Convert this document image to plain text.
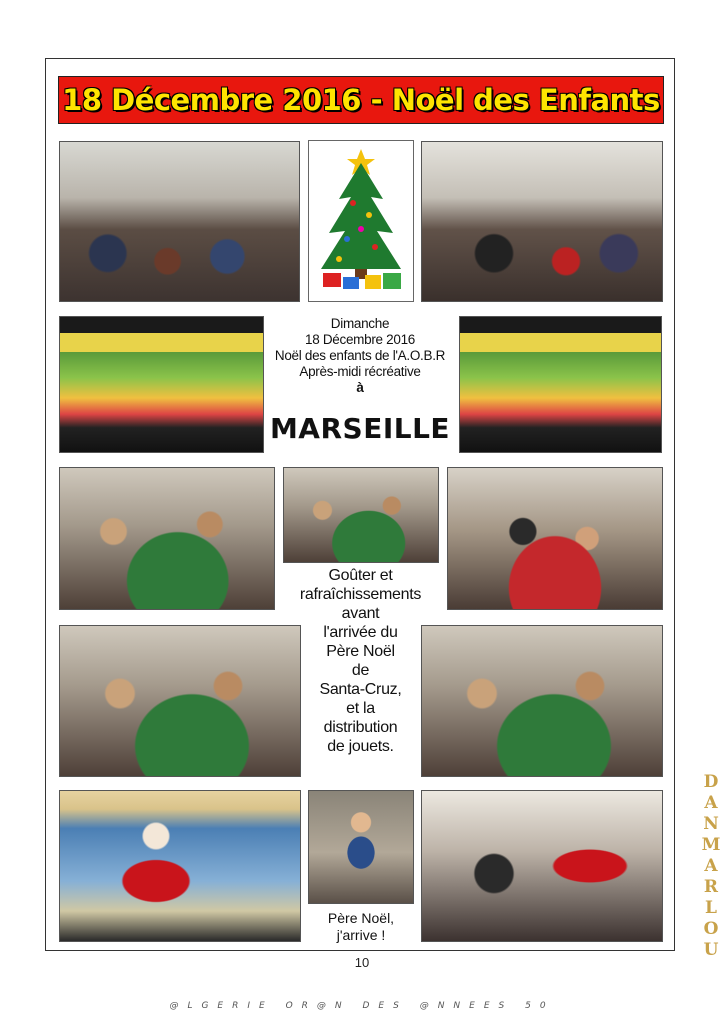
18 Décembre 2016 - Noël des Enfants
Dimanche
18 Décembre 2016
Noël des enfants de l'A.O.B.R
Après-midi récréative
à
MARSEILLE
Goûter et
rafraîchissements
avant
l'arrivée du
Père Noël
de
Santa-Cruz,
et la
distribution
de jouets.
Père Noël,
j'arrive !
10
@LGERIE OR@N DES @NNEES 50
D
A
N
M
A
R
L
O
U
